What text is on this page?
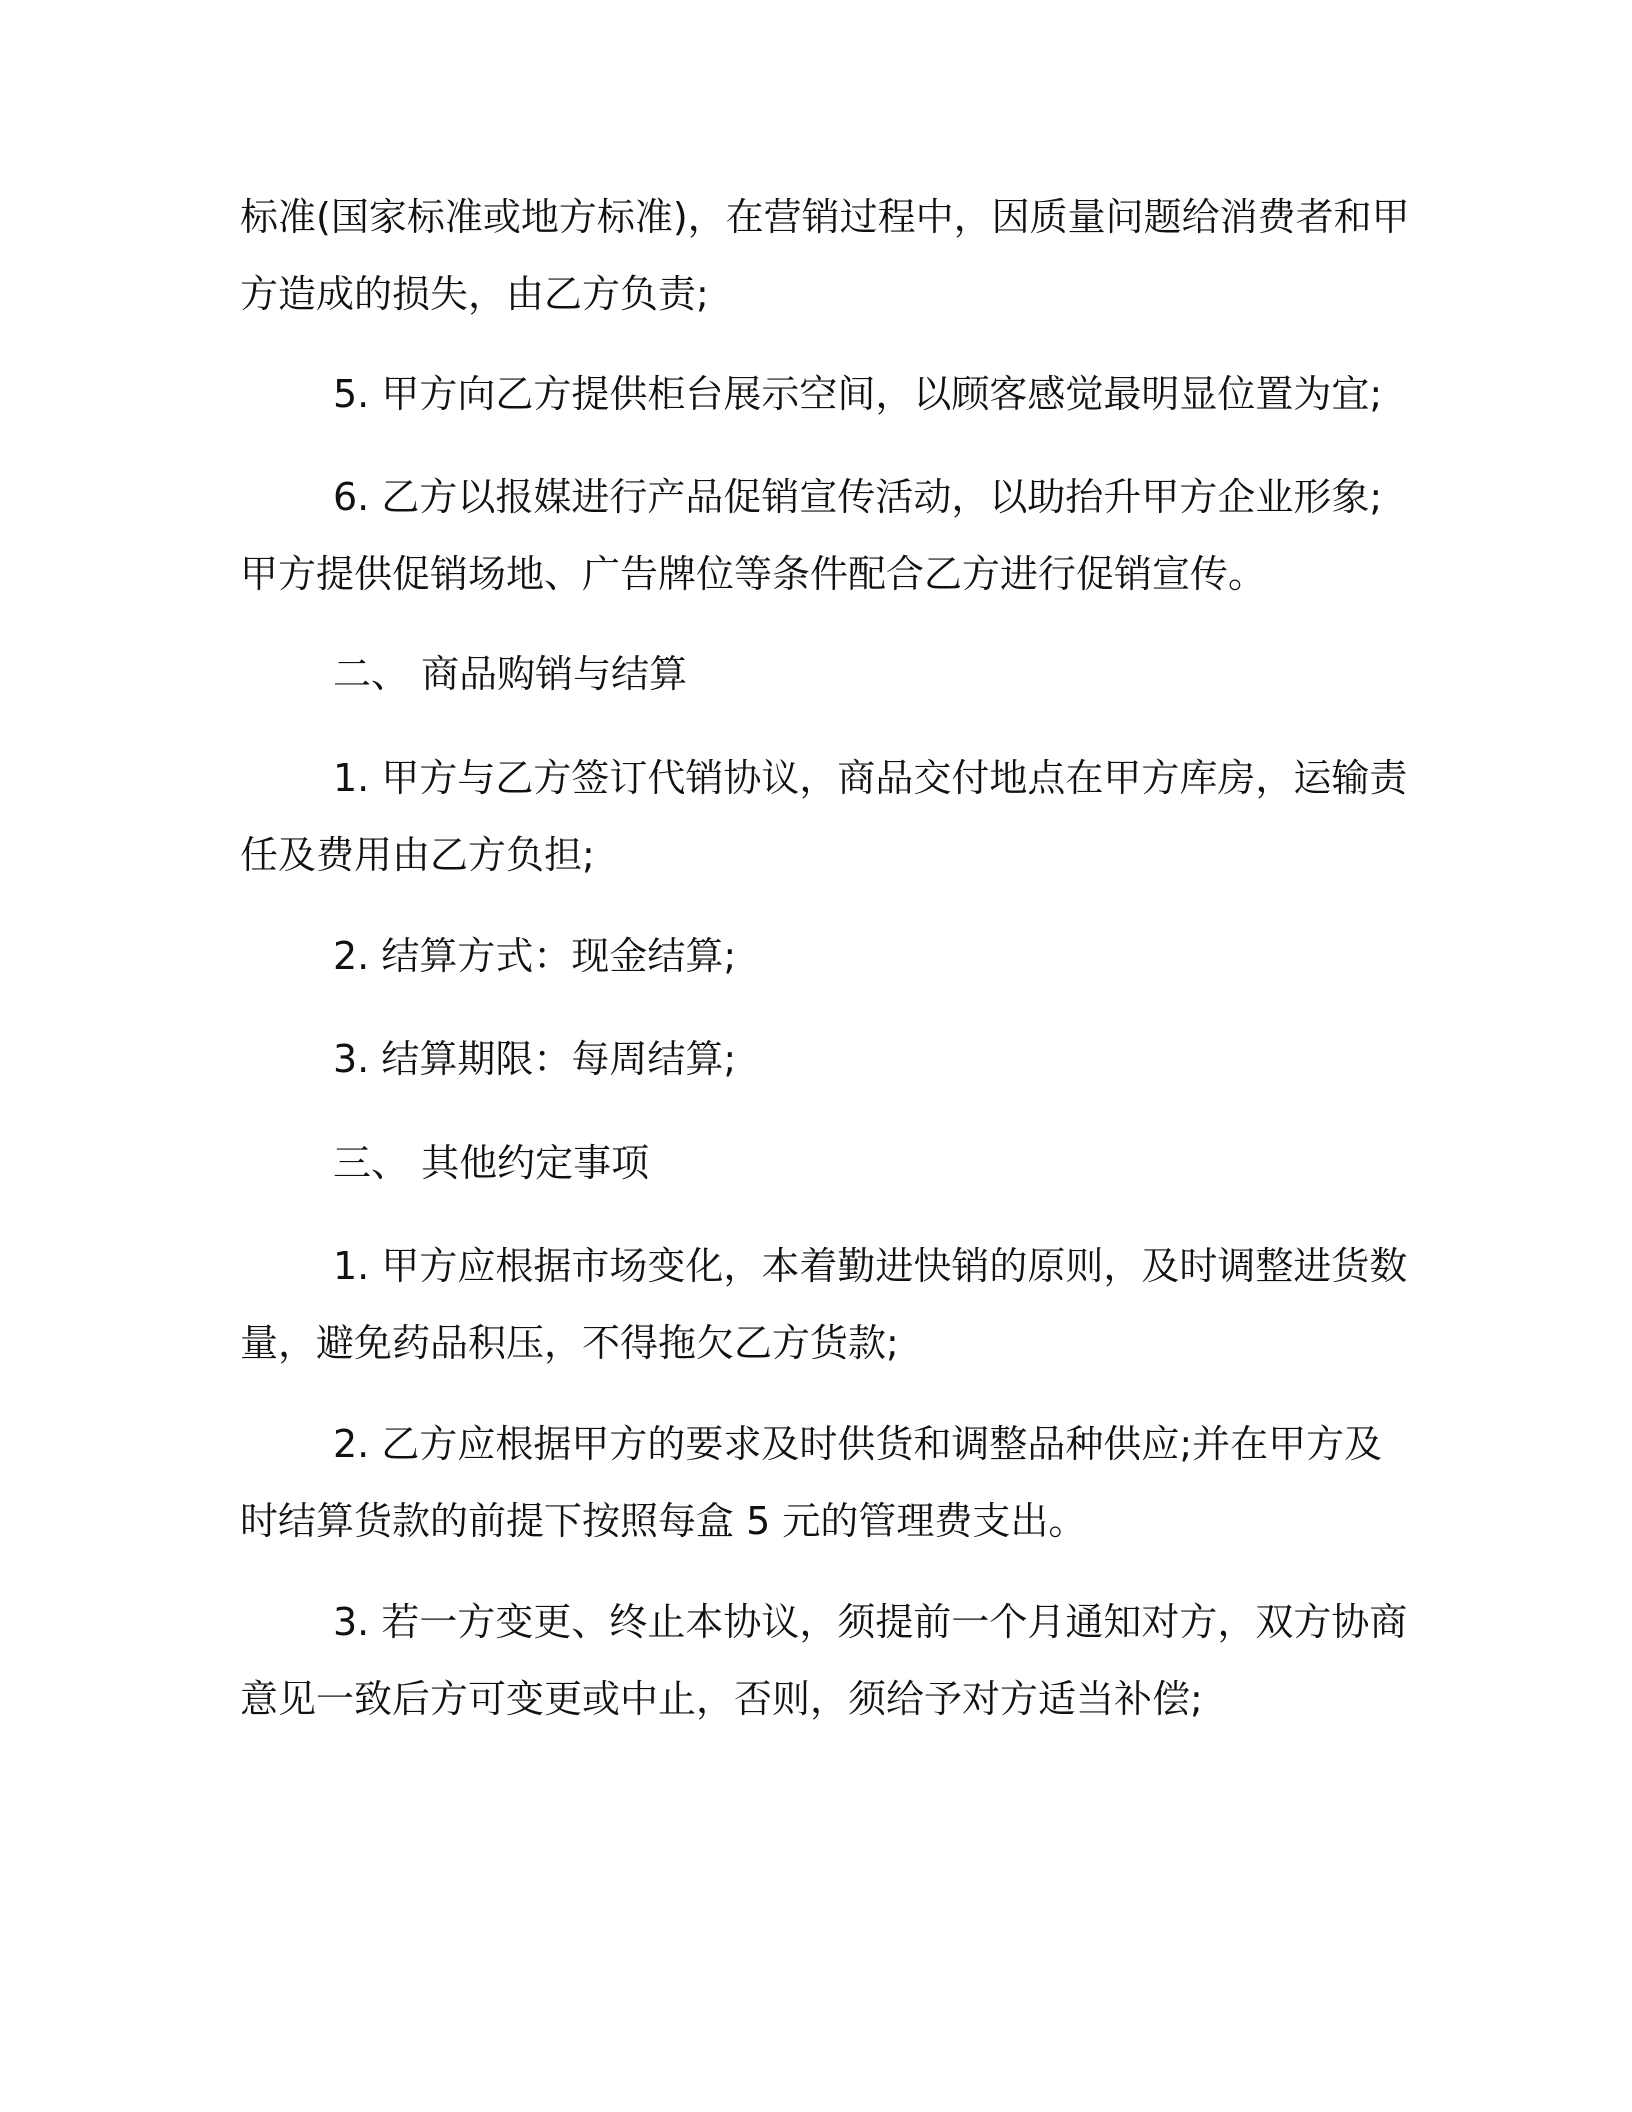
标准(国家标准或地方标准)，在营销过程中，因质量问题给消费者和甲
方造成的损失，由乙方负责;
5. 甲方向乙方提供柜台展示空间，以顾客感觉最明显位置为宜;
6. 乙方以报媒进行产品促销宣传活动，以助抬升甲方企业形象;
甲方提供促销场地、广告牌位等条件配合乙方进行促销宣传。
二、 商品购销与结算
1. 甲方与乙方签订代销协议，商品交付地点在甲方库房，运输责
任及费用由乙方负担;
2. 结算方式：现金结算;
3. 结算期限：每周结算;
三、 其他约定事项
1. 甲方应根据市场变化，本着勤进快销的原则，及时调整进货数
量，避免药品积压，不得拖欠乙方货款;
2. 乙方应根据甲方的要求及时供货和调整品种供应;并在甲方及
时结算货款的前提下按照每盒 5 元的管理费支出。
3. 若一方变更、终止本协议，须提前一个月通知对方，双方协商
意见一致后方可变更或中止，否则，须给予对方适当补偿;
